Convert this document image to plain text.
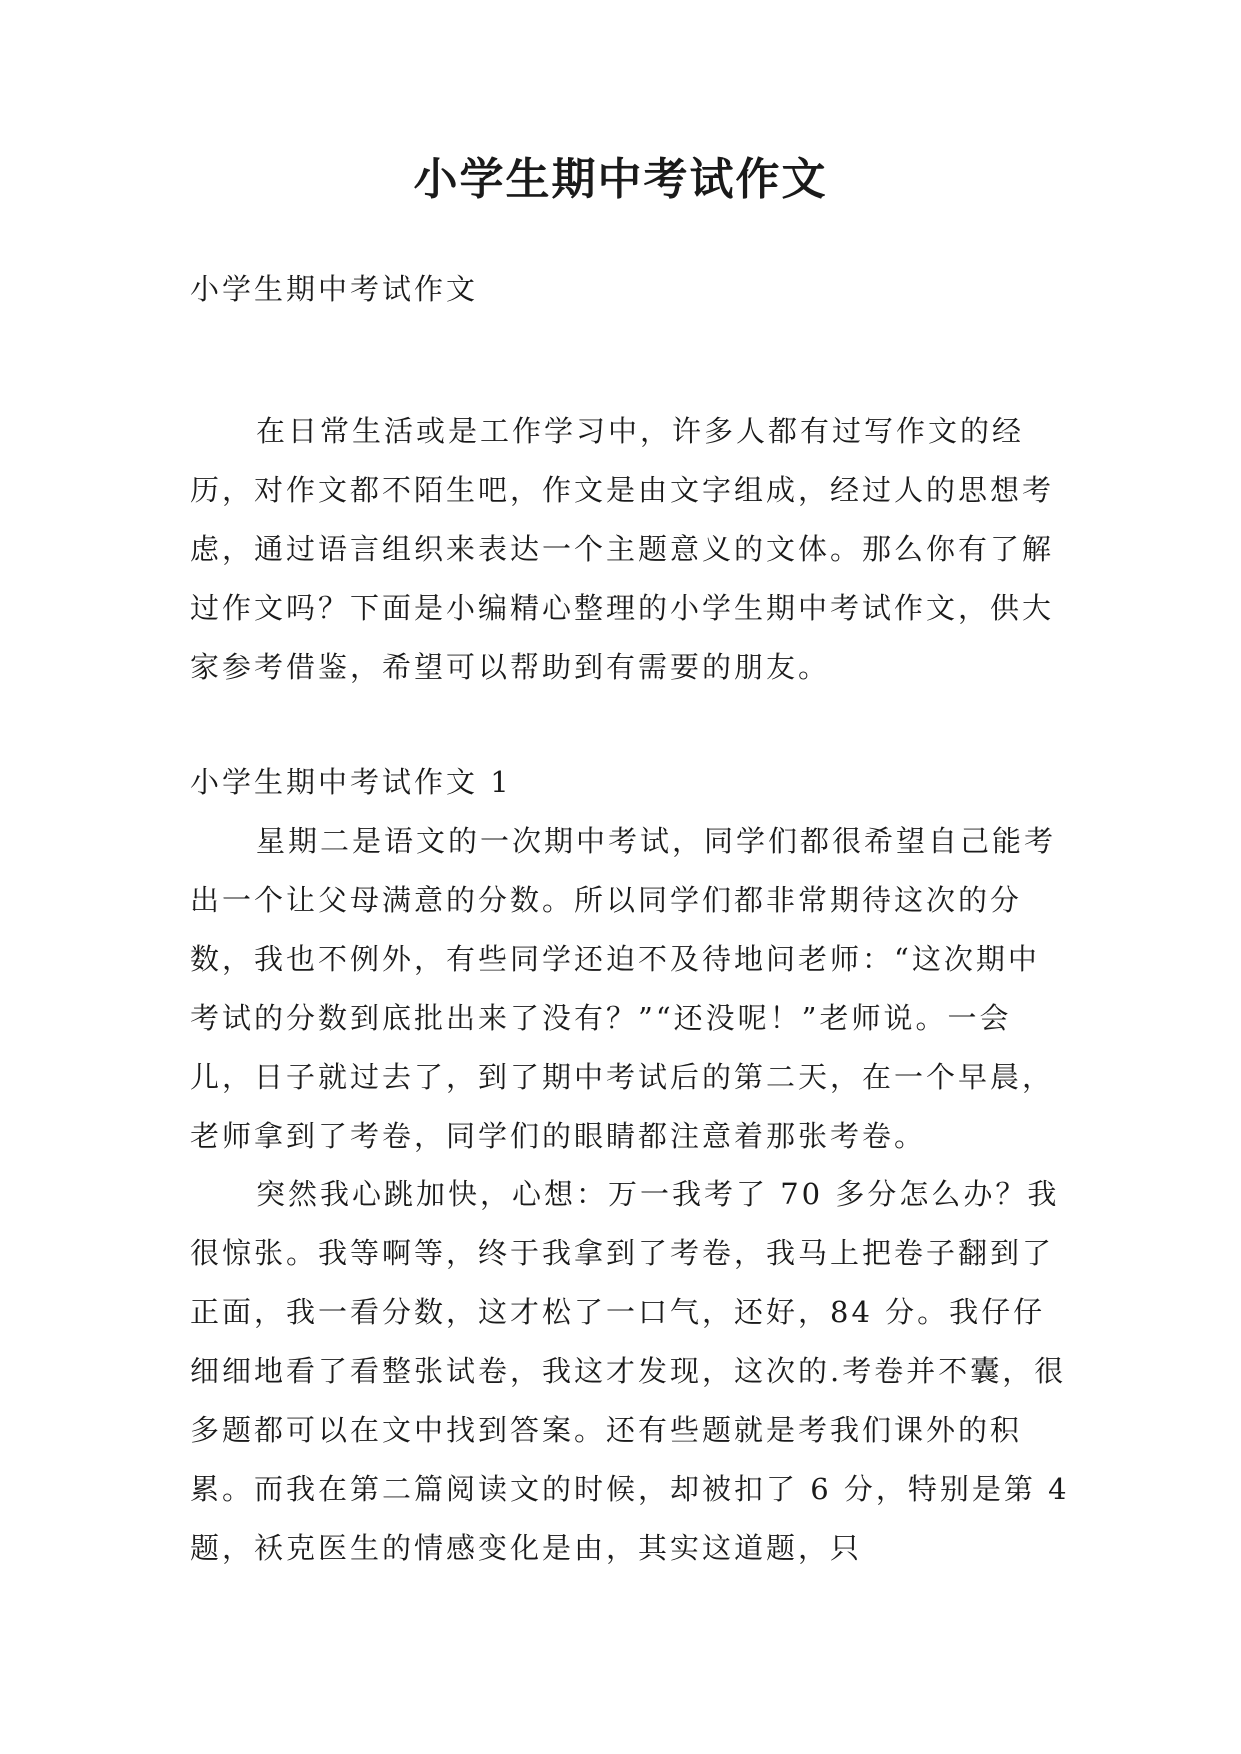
小学生期中考试作文

小学生期中考试作文

在日常生活或是工作学习中，许多人都有过写作文的经历，对作文都不陌生吧，作文是由文字组成，经过人的思想考虑，通过语言组织来表达一个主题意义的文体。那么你有了解过作文吗？下面是小编精心整理的小学生期中考试作文，供大家参考借鉴，希望可以帮助到有需要的朋友。

小学生期中考试作文 1

星期二是语文的一次期中考试，同学们都很希望自己能考出一个让父母满意的分数。所以同学们都非常期待这次的分数，我也不例外，有些同学还迫不及待地问老师：“这次期中考试的分数到底批出来了没有？”“还没呢！”老师说。一会儿，日子就过去了，到了期中考试后的第二天，在一个早晨，老师拿到了考卷，同学们的眼睛都注意着那张考卷。

突然我心跳加快，心想：万一我考了 70 多分怎么办？我很惊张。我等啊等，终于我拿到了考卷，我马上把卷子翻到了正面，我一看分数，这才松了一口气，还好，84 分。我仔仔细细地看了看整张试卷，我这才发现，这次的.考卷并不囊，很多题都可以在文中找到答案。还有些题就是考我们课外的积累。而我在第二篇阅读文的时候，却被扣了 6 分，特别是第 4 题，袄克医生的情感变化是由，其实这道题，只
